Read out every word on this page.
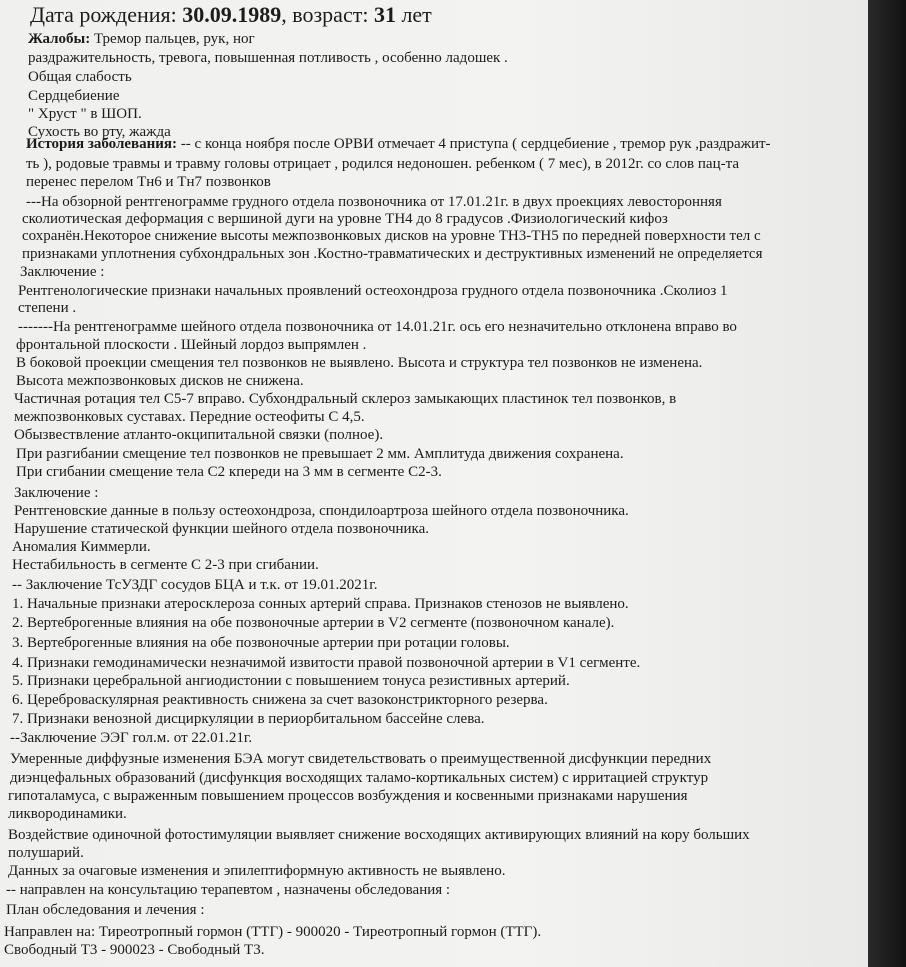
Дата рождения: 30.09.1989, возраст: 31 лет
Жалобы: Тремор пальцев, рук, ног
раздражительность, тревога, повышенная потливость , особенно ладошек .
Общая слабость
Сердцебиение
" Хруст " в ШОП.
Сухость во рту, жажда
История заболевания: -- с конца ноября после ОРВИ отмечает 4 приступа ( сердцебиение , тремор рук ,раздражит-
ть ), родовые травмы и травму головы отрицает , родился недоношен. ребенком ( 7 мес), в 2012г. со слов пац-та
перенес перелом Тн6 и Тн7 позвонков
---На обзорной рентгенограмме грудного отдела позвоночника от 17.01.21г. в двух проекциях левосторонняя
сколиотическая деформация с вершиной дуги на уровне ТН4 до 8 градусов .Физиологический кифоз
сохранён.Некоторое снижение высоты межпозвонковых дисков на уровне ТН3-ТН5 по передней поверхности тел с
признаками уплотнения субхондральных зон .Костно-травматических и деструктивных изменений не определяется
Заключение :
Рентгенологические признаки начальных проявлений остеохондроза грудного отдела позвоночника .Сколиоз 1
степени .
-------На рентгенограмме шейного отдела позвоночника от 14.01.21г. ось его незначительно отклонена вправо во
фронтальной плоскости . Шейный лордоз выпрямлен .
В боковой проекции смещения тел позвонков не выявлено. Высота и структура тел позвонков не изменена.
Высота межпозвонковых дисков не снижена.
Частичная ротация тел С5-7 вправо. Субхондральный склероз замыкающих пластинок тел позвонков, в
межпозвонковых суставах. Передние остеофиты С 4,5.
Обызвествление атланто-окципитальной связки (полное).
При разгибании смещение тел позвонков не превышает 2 мм. Амплитуда движения сохранена.
При сгибании смещение тела С2 кпереди на 3 мм в сегменте С2-3.
Заключение :
Рентгеновские данные в пользу остеохондроза, спондилоартроза шейного отдела позвоночника.
Нарушение статической функции шейного отдела позвоночника.
Аномалия Киммерли.
Нестабильность в сегменте С 2-3 при сгибании.
-- Заключение ТсУЗДГ сосудов БЦА и т.к. от 19.01.2021г.
1. Начальные признаки атеросклероза сонных артерий справа. Признаков стенозов не выявлено.
2. Вертеброгенные влияния на обе позвоночные артерии в V2 сегменте (позвоночном канале).
3. Вертеброгенные влияния на обе позвоночные артерии при ротации головы.
4. Признаки гемодинамически незначимой извитости правой позвоночной артерии в V1 сегменте.
5. Признаки церебральной ангиодистонии с повышением тонуса резистивных артерий.
6. Цереброваскулярная реактивность снижена за счет вазоконстрикторного резерва.
7. Признаки венозной дисциркуляции в периорбитальном бассейне слева.
--Заключение ЭЭГ гол.м. от 22.01.21г.
Умеренные диффузные изменения БЭА могут свидетельствовать о преимущественной дисфункции передних
диэнцефальных образований (дисфункция восходящих таламо-кортикальных систем) с ирритацией структур
гипоталамуса, с выраженным повышением процессов возбуждения и косвенными признаками нарушения
ликвородинамики.
Воздействие одиночной фотостимуляции выявляет снижение восходящих активирующих влияний на кору больших
полушарий.
Данных за очаговые изменения и эпилептиформную активность не выявлено.
-- направлен на консультацию терапевтом , назначены обследования :
План обследования и лечения :
Направлен на: Тиреотропный гормон (ТТГ) - 900020 - Тиреотропный гормон (ТТГ).
Свободный Т3 - 900023 - Свободный Т3.
